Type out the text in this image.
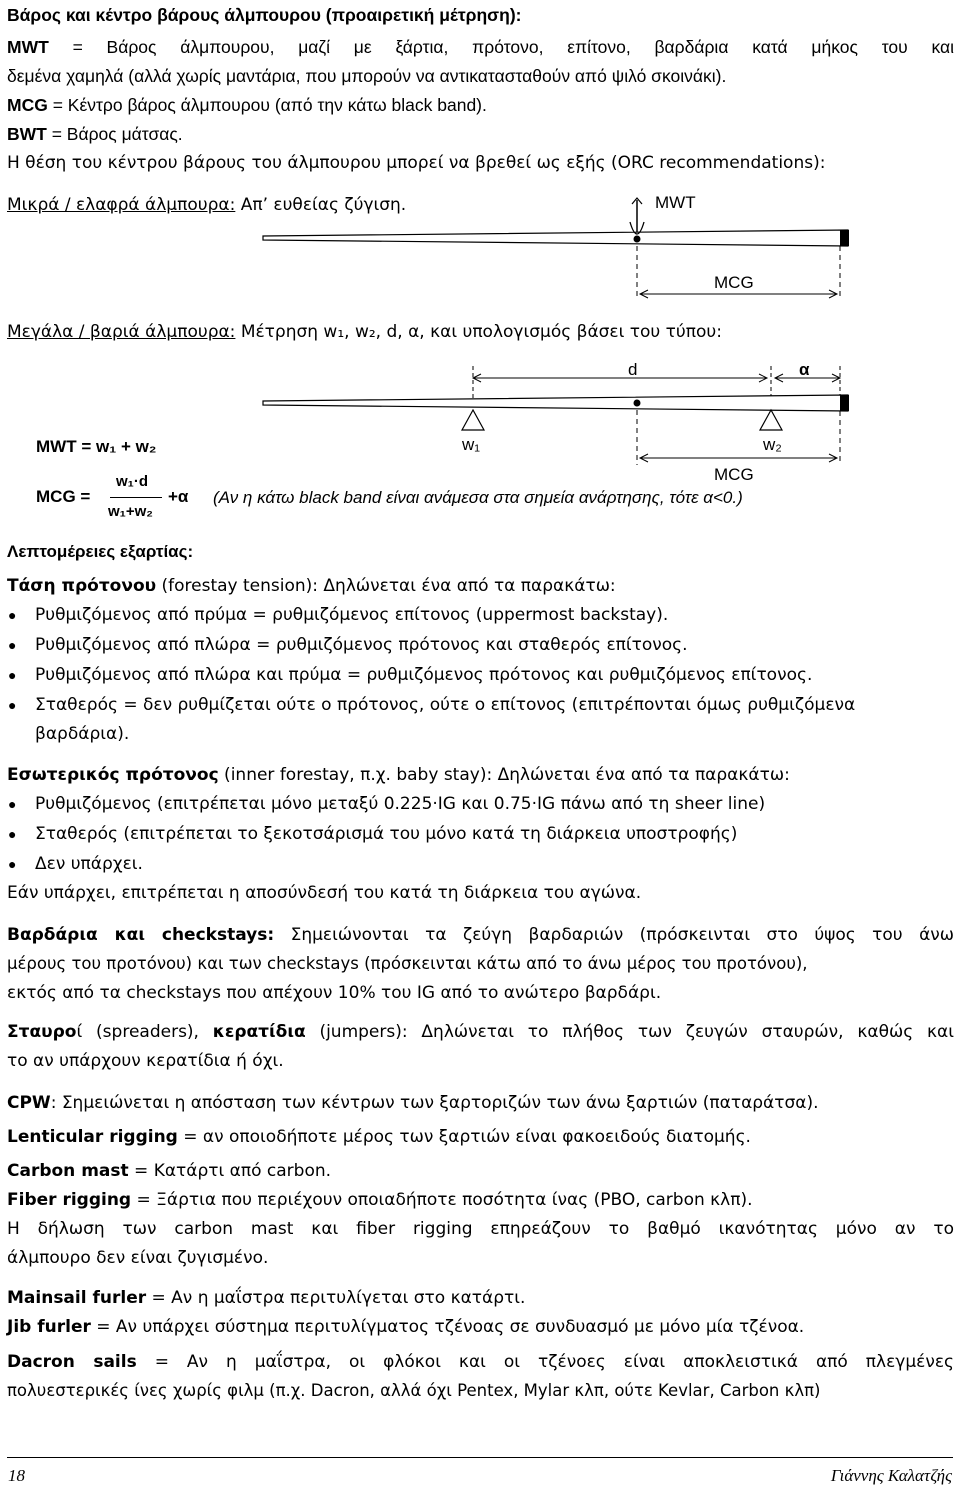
Βάρος και κέντρο βάρους άλμπουρου (προαιρετική μέτρηση):

MWT = Βάρος άλμπουρου, μαζί με ξάρτια, πρότονο, επίτονο, βαρδάρια κατά μήκος του και

δεμένα χαμηλά (αλλά χωρίς μαντάρια, που μπορούν να αντικατασταθούν από ψιλό σκοινάκι).

MCG = Κέντρο βάρος άλμπουρου (από την κάτω black band).

BWT = Βάρος μάτσας.

Η θέση του κέντρου βάρους του άλμπουρου μπορεί να βρεθεί ως εξής (ORC recommendations):

Μικρά / ελαφρά άλμπουρα: Απ’ ευθείας ζύγιση.	MWT
MCG

Μεγάλα / βαριά άλμπουρα: Μέτρηση w₁, w₂, d, α, και υπολογισμός βάσει του τύπου:

d	α
w₁	w₂
MCG

MWT = w₁ + w₂

MCG =
w₁·d
w₁+w₂
+α (Αν η κάτω black band είναι ανάμεσα στα σημεία ανάρτησης, τότε α<0.)

Λεπτομέρειες εξαρτίας:

Τάση πρότονου (forestay tension): Δηλώνεται ένα από τα παρακάτω:

● Ρυθμιζόμενος από πρύμα = ρυθμιζόμενος επίτονος (uppermost backstay).

● Ρυθμιζόμενος από πλώρα = ρυθμιζόμενος πρότονος και σταθερός επίτονος.

● Ρυθμιζόμενος από πλώρα και πρύμα = ρυθμιζόμενος πρότονος και ρυθμιζόμενος επίτονος.

● Σταθερός = δεν ρυθμίζεται ούτε ο πρότονος, ούτε ο επίτονος (επιτρέπονται όμως ρυθμιζόμενα

βαρδάρια).

Εσωτερικός πρότονος (inner forestay, π.χ. baby stay): Δηλώνεται ένα από τα παρακάτω:

● Ρυθμιζόμενος (επιτρέπεται μόνο μεταξύ 0.225·IG και 0.75·IG πάνω από τη sheer line)

● Σταθερός (επιτρέπεται το ξεκοτσάρισμά του μόνο κατά τη διάρκεια υποστροφής)

● Δεν υπάρχει.

Εάν υπάρχει, επιτρέπεται η αποσύνδεσή του κατά τη διάρκεια του αγώνα.

Βαρδάρια και checkstays: Σημειώνονται τα ζεύγη βαρδαριών (πρόσκεινται στο ύψος του άνω

μέρους του προτόνου) και των checkstays (πρόσκεινται κάτω από το άνω μέρος του προτόνου),

εκτός από τα checkstays που απέχουν 10% του IG από το ανώτερο βαρδάρι.

Σταυροί (spreaders), κερατίδια (jumpers): Δηλώνεται το πλήθος των ζευγών σταυρών, καθώς και

το αν υπάρχουν κερατίδια ή όχι.

CPW: Σημειώνεται η απόσταση των κέντρων των ξαρτοριζών των άνω ξαρτιών (παταράτσα).

Lenticular rigging = αν οποιοδήποτε μέρος των ξαρτιών είναι φακοειδούς διατομής.

Carbon mast = Κατάρτι από carbon.

Fiber rigging = Ξάρτια που περιέχουν οποιαδήποτε ποσότητα ίνας (PBO, carbon κλπ).

Η δήλωση των carbon mast και fiber rigging επηρεάζουν το βαθμό ικανότητας μόνο αν το

άλμπουρο δεν είναι ζυγισμένο.

Mainsail furler = Αν η μαΐστρα περιτυλίγεται στο κατάρτι.

Jib furler = Αν υπάρχει σύστημα περιτυλίγματος τζένοας σε συνδυασμό με μόνο μία τζένοα.

Dacron sails = Αν η μαΐστρα, οι φλόκοι και οι τζένοες είναι αποκλειστικά από πλεγμένες

πολυεστερικές ίνες χωρίς φιλμ (π.χ. Dacron, αλλά όχι Pentex, Mylar κλπ, ούτε Kevlar, Carbon κλπ)

18	Γιάννης Καλατζής
